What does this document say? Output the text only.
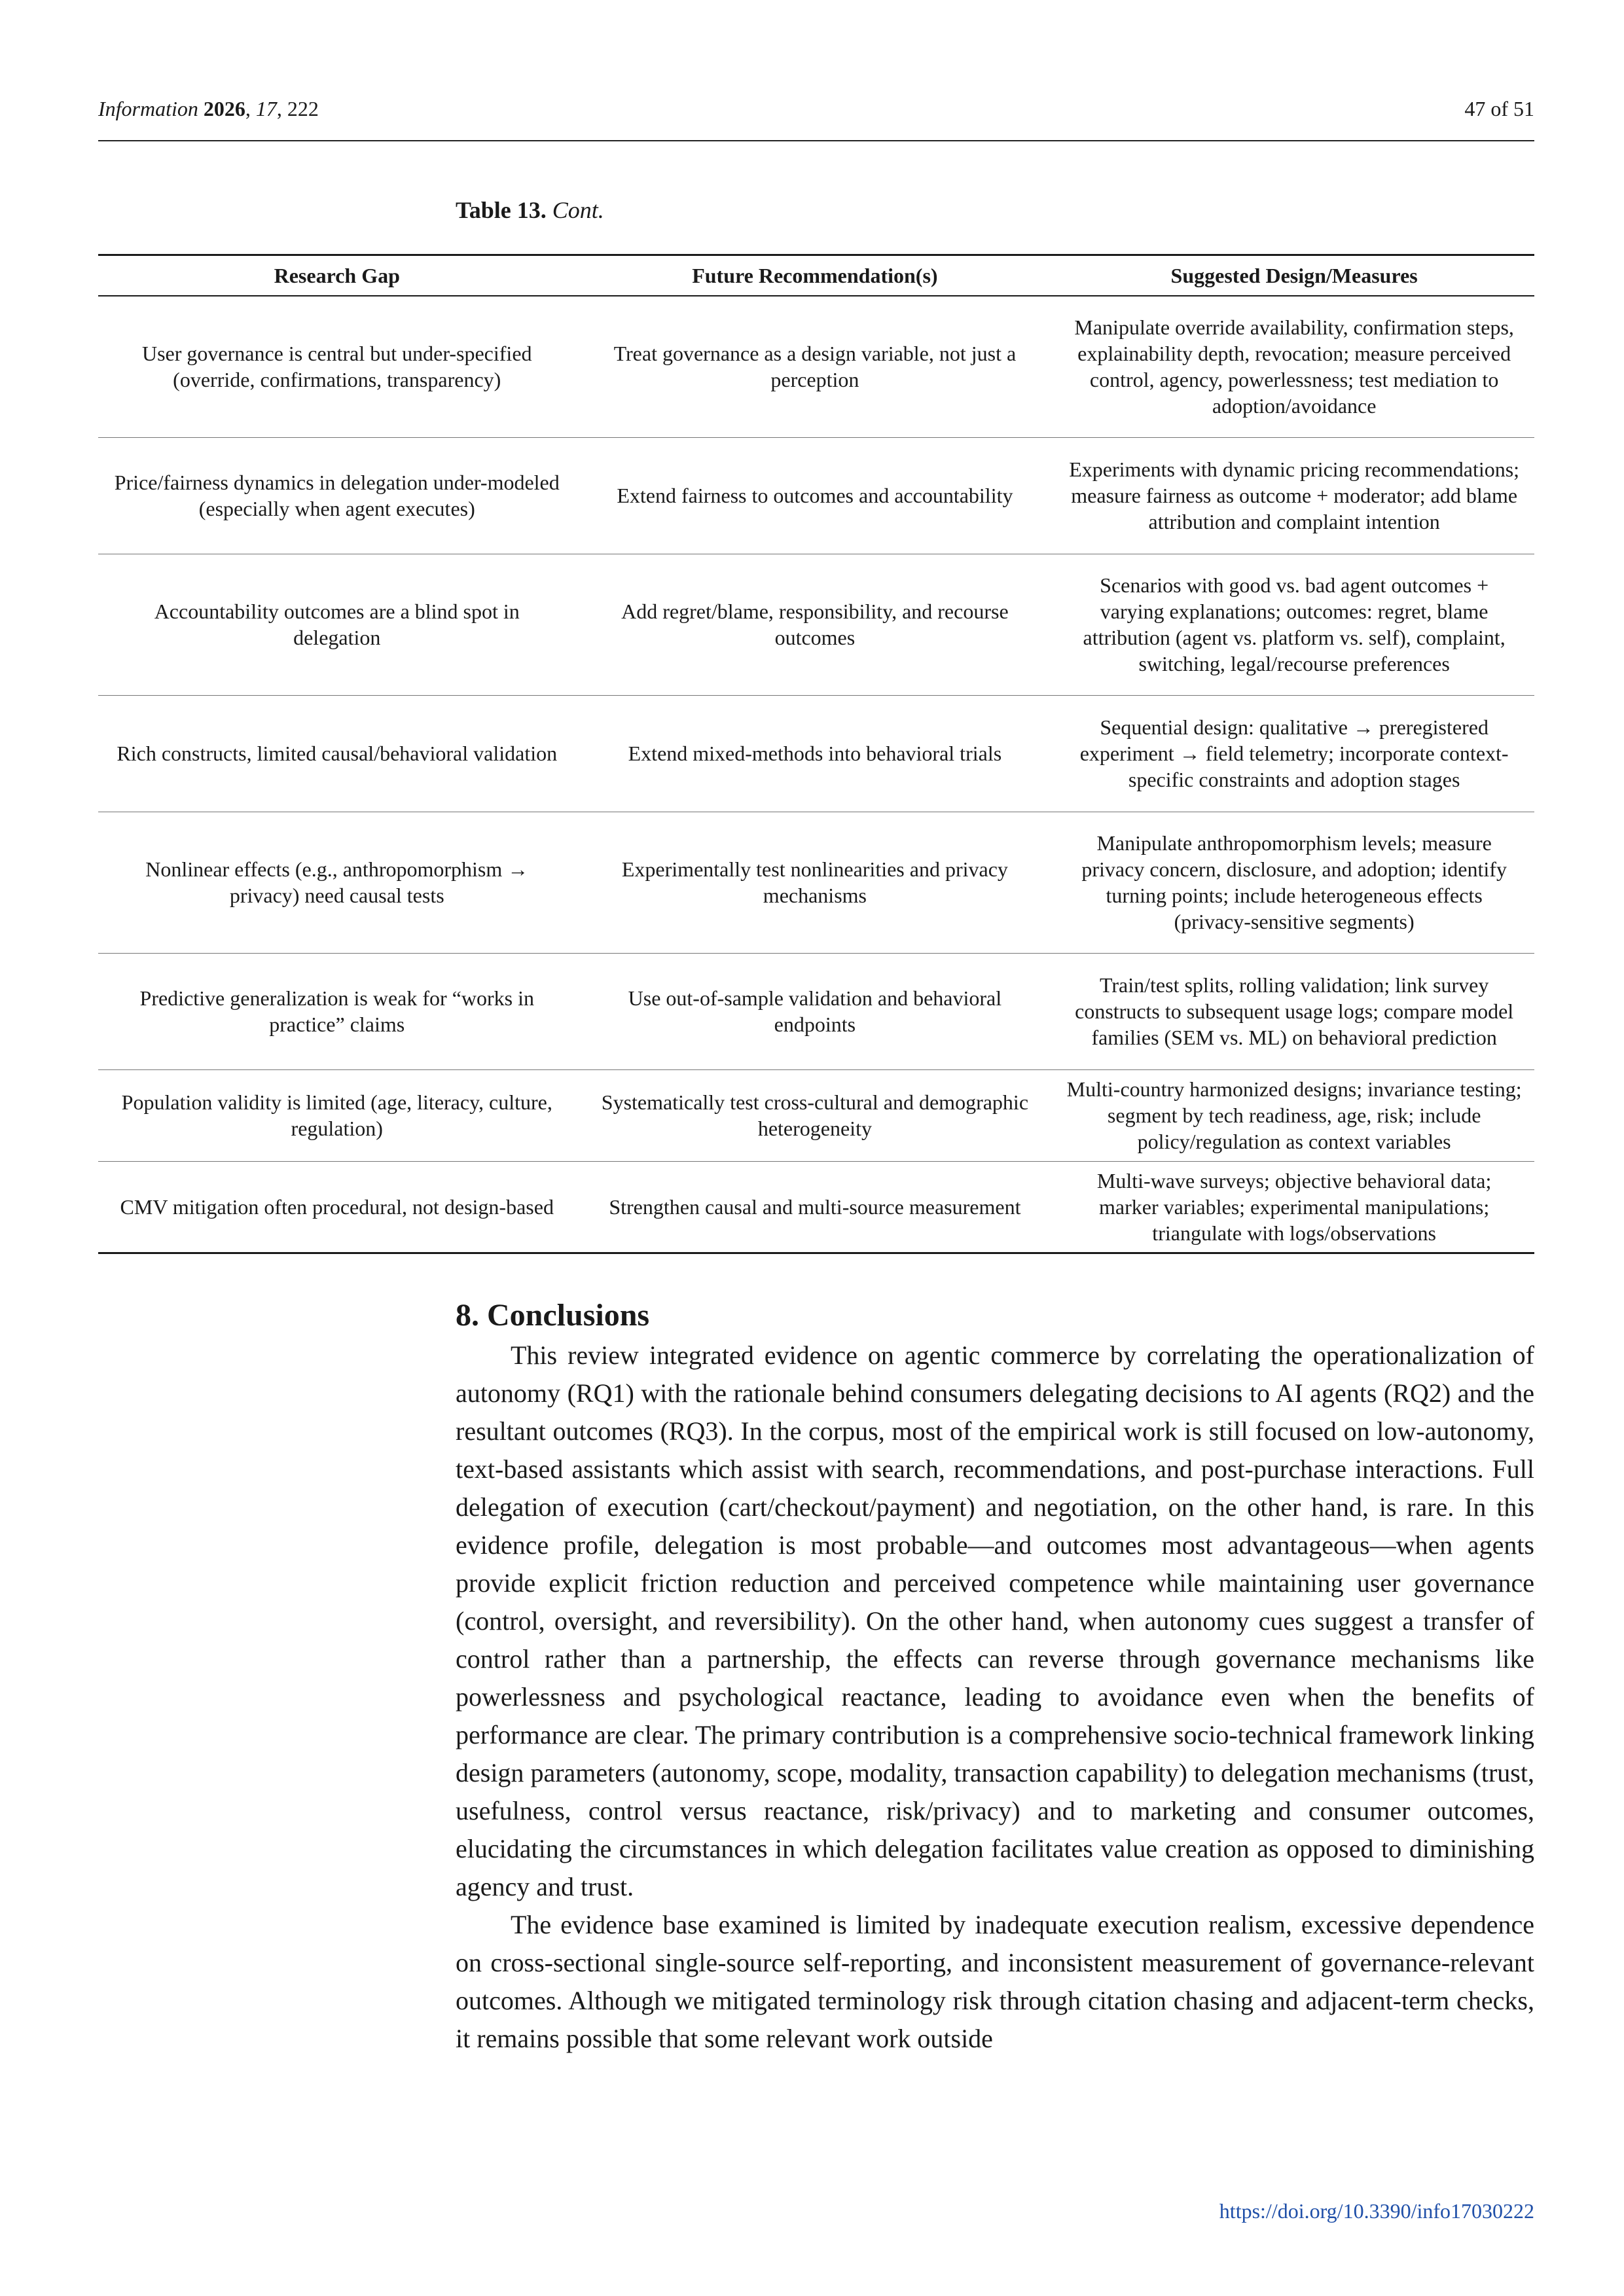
Information 2026, 17, 222	47 of 51
Table 13. Cont.
Research Gap	Future Recommendation(s)	Suggested Design/Measures
User governance is central but under-specified (override, confirmations, transparency)	Treat governance as a design variable, not just a perception	Manipulate override availability, confirmation steps, explainability depth, revocation; measure perceived control, agency, powerlessness; test mediation to adoption/avoidance
Price/fairness dynamics in delegation under-modeled (especially when agent executes)	Extend fairness to outcomes and accountability	Experiments with dynamic pricing recommendations; measure fairness as outcome + moderator; add blame attribution and complaint intention
Accountability outcomes are a blind spot in delegation	Add regret/blame, responsibility, and recourse outcomes	Scenarios with good vs. bad agent outcomes + varying explanations; outcomes: regret, blame attribution (agent vs. platform vs. self), complaint, switching, legal/recourse preferences
Rich constructs, limited causal/behavioral validation	Extend mixed-methods into behavioral trials	Sequential design: qualitative → preregistered experiment → field telemetry; incorporate context-specific constraints and adoption stages
Nonlinear effects (e.g., anthropomorphism → privacy) need causal tests	Experimentally test nonlinearities and privacy mechanisms	Manipulate anthropomorphism levels; measure privacy concern, disclosure, and adoption; identify turning points; include heterogeneous effects (privacy-sensitive segments)
Predictive generalization is weak for “works in practice” claims	Use out-of-sample validation and behavioral endpoints	Train/test splits, rolling validation; link survey constructs to subsequent usage logs; compare model families (SEM vs. ML) on behavioral prediction
Population validity is limited (age, literacy, culture, regulation)	Systematically test cross-cultural and demographic heterogeneity	Multi-country harmonized designs; invariance testing; segment by tech readiness, age, risk; include policy/regulation as context variables
CMV mitigation often procedural, not design-based	Strengthen causal and multi-source measurement	Multi-wave surveys; objective behavioral data; marker variables; experimental manipulations; triangulate with logs/observations
8. Conclusions

This review integrated evidence on agentic commerce by correlating the operationalization of autonomy (RQ1) with the rationale behind consumers delegating decisions to AI agents (RQ2) and the resultant outcomes (RQ3). In the corpus, most of the empirical work is still focused on low-autonomy, text-based assistants which assist with search, recommendations, and post-purchase interactions. Full delegation of execution (cart/checkout/payment) and negotiation, on the other hand, is rare. In this evidence profile, delegation is most probable—and outcomes most advantageous—when agents provide explicit friction reduction and perceived competence while maintaining user governance (control, oversight, and reversibility). On the other hand, when autonomy cues suggest a transfer of control rather than a partnership, the effects can reverse through governance mechanisms like powerlessness and psychological reactance, leading to avoidance even when the benefits of performance are clear. The primary contribution is a comprehensive socio-technical framework linking design parameters (autonomy, scope, modality, transaction capability) to delegation mechanisms (trust, usefulness, control versus reactance, risk/privacy) and to marketing and consumer outcomes, elucidating the circumstances in which delegation facilitates value creation as opposed to diminishing agency and trust.

The evidence base examined is limited by inadequate execution realism, excessive dependence on cross-sectional single-source self-reporting, and inconsistent measurement of governance-relevant outcomes. Although we mitigated terminology risk through citation chasing and adjacent-term checks, it remains possible that some relevant work outside

https://doi.org/10.3390/info17030222
